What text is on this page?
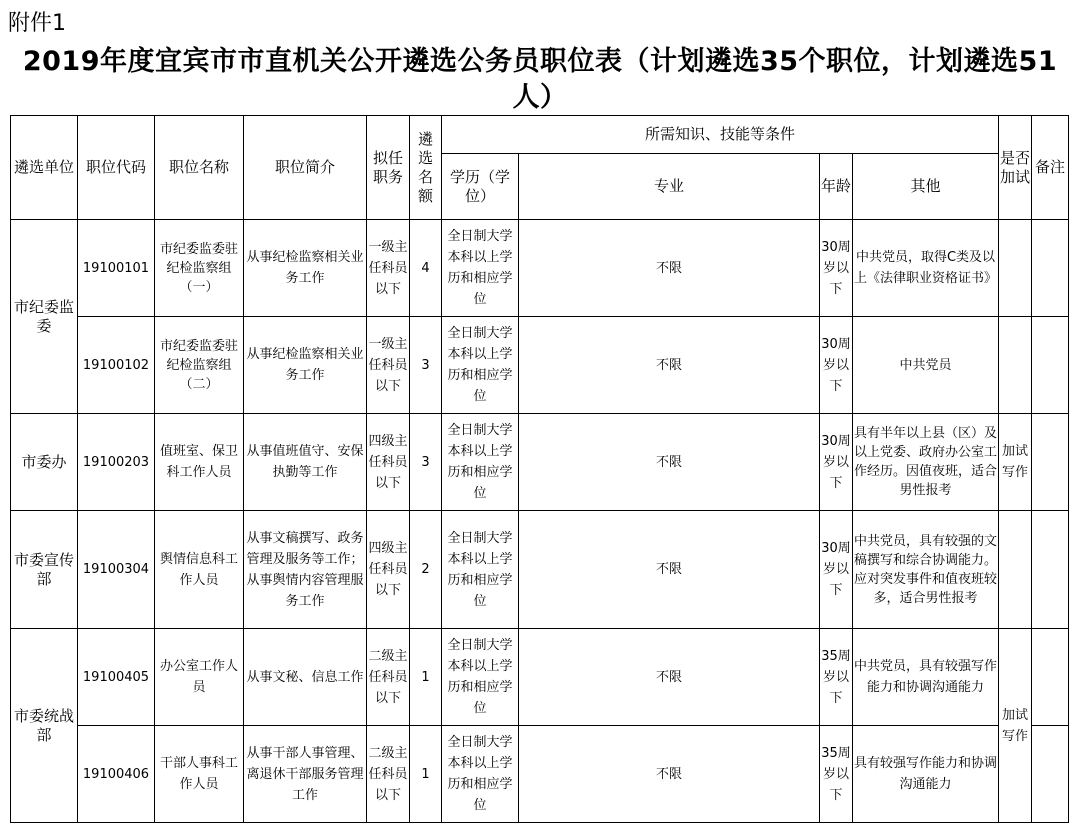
附件1
2019年度宜宾市市直机关公开遴选公务员职位表（计划遴选35个职位，计划遴选51人）
遴选单位	职位代码	职位名称	职位简介	拟任职务	遴选名额	所需知识、技能等条件				是否加试	备注
						学历（学位）	专业	年龄	其他		
市纪委监委	19100101	市纪委监委驻纪检监察组（一）	从事纪检监察相关业务工作	一级主任科员以下	4	全日制大学本科以上学历和相应学位	不限	30周岁以下	中共党员，取得C类及以上《法律职业资格证书》		
	19100102	市纪委监委驻纪检监察组（二）	从事纪检监察相关业务工作	一级主任科员以下	3	全日制大学本科以上学历和相应学位	不限	30周岁以下	中共党员		
市委办	19100203	值班室、保卫科工作人员	从事值班值守、安保执勤等工作	四级主任科员以下	3	全日制大学本科以上学历和相应学位	不限	30周岁以下	具有半年以上县（区）及以上党委、政府办公室工作经历。因值夜班，适合男性报考	加试写作	
市委宣传部	19100304	舆情信息科工作人员	从事文稿撰写、政务管理及服务等工作；从事舆情内容管理服务工作	四级主任科员以下	2	全日制大学本科以上学历和相应学位	不限	30周岁以下	中共党员，具有较强的文稿撰写和综合协调能力。应对突发事件和值夜班较多，适合男性报考		
市委统战部	19100405	办公室工作人员	从事文秘、信息工作	二级主任科员以下	1	全日制大学本科以上学历和相应学位	不限	35周岁以下	中共党员，具有较强写作能力和协调沟通能力	加试写作	
	19100406	干部人事科工作人员	从事干部人事管理、离退休干部服务管理工作	二级主任科员以下	1	全日制大学本科以上学历和相应学位	不限	35周岁以下	具有较强写作能力和协调沟通能力		
